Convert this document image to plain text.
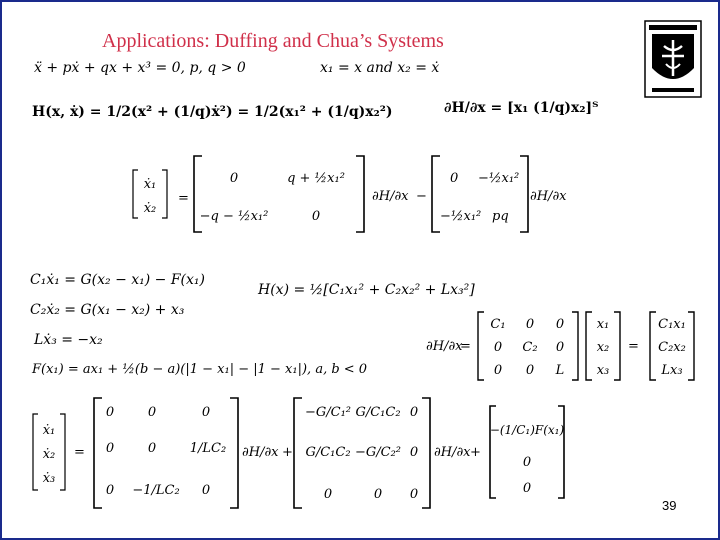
Applications: Duffing and Chua’s Systems
ẍ + pẋ + qx + x³ = 0, p, q > 0	x₁ = x and x₂ = ẋ
H(x, ẋ) = 1/2(x² + (1/q)ẋ²) = 1/2(x₁² + (1/q)x₂²)	∂H/∂x = [x₁ (1/q)x₂]ᵀ
ẋ₁
ẋ₂
=
0	q + ½x₁²
−q − ½x₁²	0
∂H/∂x −
0 −½x₁²
−½x₁² pq
∂H/∂x
C₁ẋ₁ = G(x₂ − x₁) − F(x₁)
C₂ẋ₂ = G(x₁ − x₂) + x₃
Lẋ₃ = −x₂
F(x₁) = ax₁ + ½(b − a)(|1 − x₁| − |1 − x₁|), a, b < 0
H(x) = ½[C₁x₁² + C₂x₂² + Lx₃²]
∂H/∂x
=
C₁ 0 0
0 C₂ 0
0 0 L
x₁
x₂
x₃
=
C₁x₁
C₂x₂
Lx₃
ẋ₁
ẋ₂
ẋ₃
=
0	0	0
0	0	1/LC₂
0 −1/LC₂ 0
∂H/∂x +
−G/C₁² G/C₁C₂ 0
G/C₁C₂ −G/C₂² 0
0	0 0
∂H/∂x +
−(1/C₁)F(x₁)
0
0
39
